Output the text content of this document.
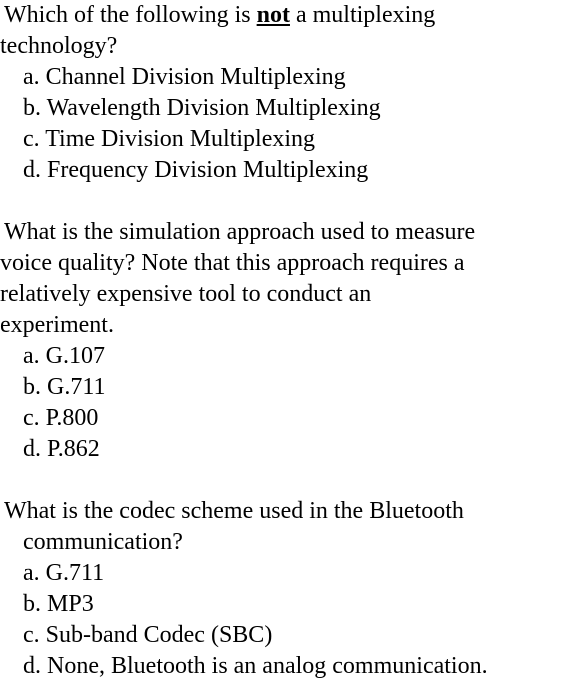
Which of the following is not a multiplexing

technology?

a. Channel Division Multiplexing

b. Wavelength Division Multiplexing

c. Time Division Multiplexing

d. Frequency Division Multiplexing

What is the simulation approach used to measure

voice quality? Note that this approach requires a

relatively expensive tool to conduct an

experiment.

a. G.107

b. G.711

c. P.800

d. P.862

What is the codec scheme used in the Bluetooth

communication?

a. G.711

b. MP3

c. Sub-band Codec (SBC)

d. None, Bluetooth is an analog communication.
